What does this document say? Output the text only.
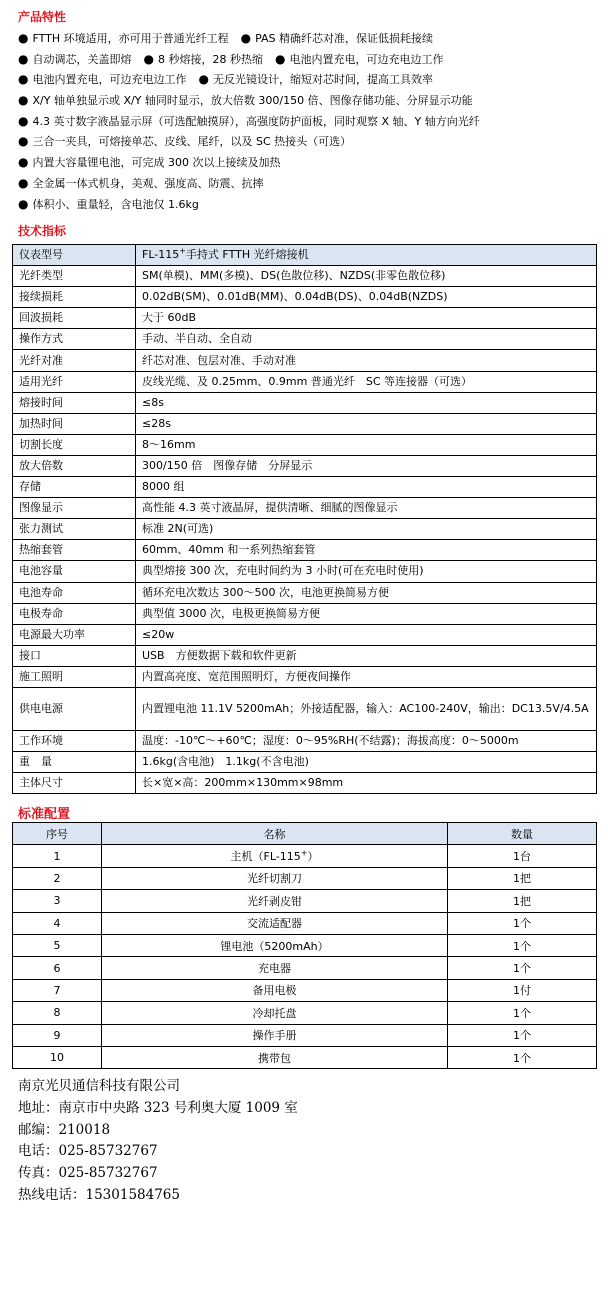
产品特性
● FTTH 环境适用，亦可用于普通光纤工程 ● PAS 精确纤芯对准，保证低损耗接续
● 自动调芯，关盖即熔 ● 8 秒熔接，28 秒热缩 ● 电池内置充电，可边充电边工作
● 电池内置充电，可边充电边工作 ● 无反光镜设计，缩短对芯时间，提高工具效率
● X/Y 轴单独显示或 X/Y 轴同时显示，放大倍数 300/150 倍、图像存储功能、分屏显示功能
● 4.3 英寸数字液晶显示屏（可选配触摸屏），高强度防护面板，同时观察 X 轴、Y 轴方向光纤
● 三合一夹具，可熔接单芯、皮线、尾纤，以及 SC 热接头（可选）
● 内置大容量锂电池，可完成 300 次以上接续及加热
● 全金属一体式机身，美观、强度高、防震、抗摔
● 体积小、重量轻，含电池仅 1.6kg
技术指标
仪表型号	FL-115+手持式 FTTH 光纤熔接机
光纤类型	SM(单模)、MM(多模)、DS(色散位移)、NZDS(非零色散位移)
接续损耗	0.02dB(SM)、0.01dB(MM)、0.04dB(DS)、0.04dB(NZDS)
回波损耗	大于 60dB
操作方式	手动、半自动、全自动
光纤对准	纤芯对准、包层对准、手动对准
适用光纤	皮线光缆、及 0.25mm、0.9mm 普通光纤　SC 等连接器（可选）
熔接时间	≤8s
加热时间	≤28s
切割长度	8～16mm
放大倍数	300/150 倍　图像存储　分屏显示
存储	8000 组
图像显示	高性能 4.3 英寸液晶屏，提供清晰、细腻的图像显示
张力测试	标准 2N(可选)
热缩套管	60mm、40mm 和一系列热缩套管
电池容量	典型熔接 300 次，充电时间约为 3 小时(可在充电时使用)
电池寿命	循环充电次数达 300～500 次，电池更换简易方便
电极寿命	典型值 3000 次，电极更换简易方便
电源最大功率	≤20w
接口	USB　方便数据下载和软件更新
施工照明	内置高亮度、宽范围照明灯，方便夜间操作
供电电源	内置锂电池 11.1V 5200mAh；外接适配器，输入：AC100-240V，输出：DC13.5V/4.5A
工作环境	温度：-10℃～+60℃；湿度：0～95%RH(不结露)；海拔高度：0～5000m
重　量	1.6kg(含电池)　1.1kg(不含电池)
主体尺寸	长×宽×高：200mm×130mm×98mm
标准配置
序号	名称	数量
1	主机（FL-115+）	1台
2	光纤切割刀	1把
3	光纤剥皮钳	1把
4	交流适配器	1个
5	锂电池（5200mAh）	1个
6	充电器	1个
7	备用电极	1付
8	冷却托盘	1个
9	操作手册	1个
10	携带包	1个
南京光贝通信科技有限公司
地址：南京市中央路 323 号利奥大厦 1009 室
邮编：210018
电话：025-85732767
传真：025-85732767
热线电话：15301584765
